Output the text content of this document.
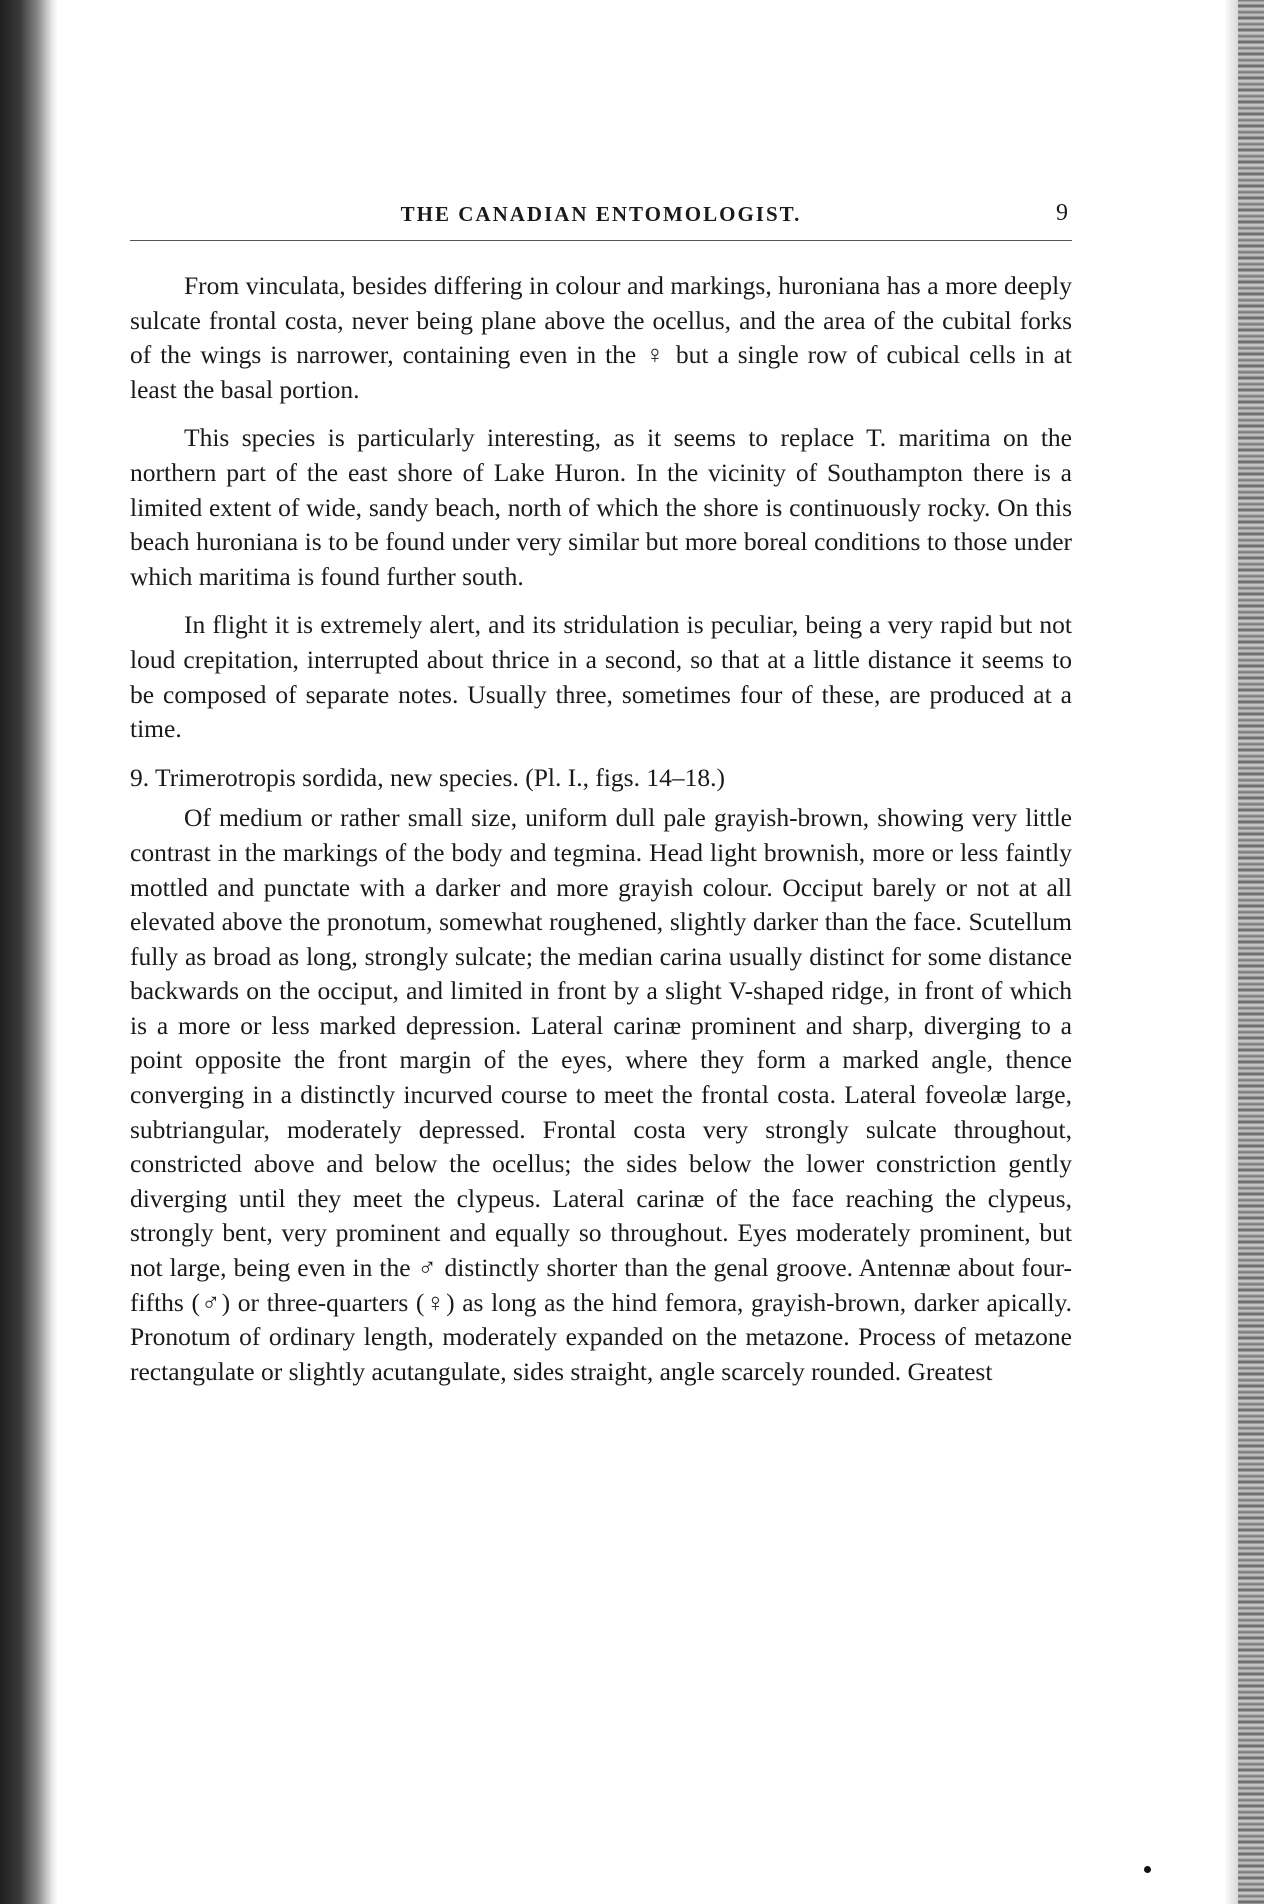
THE CANADIAN ENTOMOLOGIST.	9

From vinculata, besides differing in colour and markings, huroniana has a more deeply sulcate frontal costa, never being plane above the ocellus, and the area of the cubital forks of the wings is narrower, containing even in the ♀ but a single row of cubical cells in at least the basal portion.

This species is particularly interesting, as it seems to replace T. maritima on the northern part of the east shore of Lake Huron. In the vicinity of Southampton there is a limited extent of wide, sandy beach, north of which the shore is continuously rocky. On this beach huroniana is to be found under very similar but more boreal conditions to those under which maritima is found further south.

In flight it is extremely alert, and its stridulation is peculiar, being a very rapid but not loud crepitation, interrupted about thrice in a second, so that at a little distance it seems to be composed of separate notes. Usually three, sometimes four of these, are produced at a time.

9. Trimerotropis sordida, new species. (Pl. I., figs. 14–18.)

Of medium or rather small size, uniform dull pale grayish-brown, showing very little contrast in the markings of the body and tegmina. Head light brownish, more or less faintly mottled and punctate with a darker and more grayish colour. Occiput barely or not at all elevated above the pronotum, somewhat roughened, slightly darker than the face. Scutellum fully as broad as long, strongly sulcate; the median carina usually distinct for some distance backwards on the occiput, and limited in front by a slight V-shaped ridge, in front of which is a more or less marked depression. Lateral carinæ prominent and sharp, diverging to a point opposite the front margin of the eyes, where they form a marked angle, thence converging in a distinctly incurved course to meet the frontal costa. Lateral foveolæ large, subtriangular, moderately depressed. Frontal costa very strongly sulcate throughout, constricted above and below the ocellus; the sides below the lower constriction gently diverging until they meet the clypeus. Lateral carinæ of the face reaching the clypeus, strongly bent, very prominent and equally so throughout. Eyes moderately prominent, but not large, being even in the ♂ distinctly shorter than the genal groove. Antennæ about four-fifths (♂) or three-quarters (♀) as long as the hind femora, grayish-brown, darker apically. Pronotum of ordinary length, moderately expanded on the metazone. Process of metazone rectangulate or slightly acutangulate, sides straight, angle scarcely rounded. Greatest
